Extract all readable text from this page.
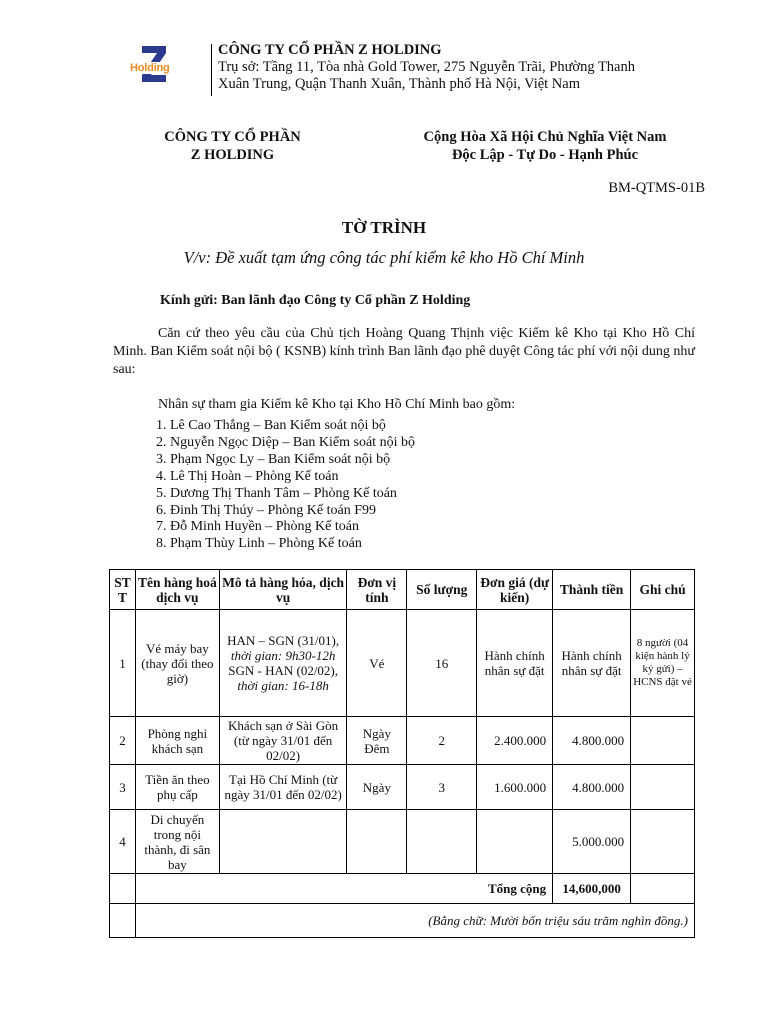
Holding
CÔNG TY CỔ PHẦN Z HOLDING
Trụ sở: Tầng 11, Tòa nhà Gold Tower, 275 Nguyễn Trãi, Phường Thanh
Xuân Trung, Quận Thanh Xuân, Thành phố Hà Nội, Việt Nam
CÔNG TY CỔ PHẦN
Z HOLDING
Cộng Hòa Xã Hội Chủ Nghĩa Việt Nam
Độc Lập - Tự Do - Hạnh Phúc
BM-QTMS-01B
TỜ TRÌNH
V/v: Đề xuất tạm ứng công tác phí kiểm kê kho Hồ Chí Minh
Kính gửi: Ban lãnh đạo Công ty Cổ phần Z Holding
Căn cứ theo yêu cầu của Chủ tịch Hoàng Quang Thịnh việc Kiểm kê Kho tại Kho Hồ Chí Minh. Ban Kiểm soát nội bộ ( KSNB) kính trình Ban lãnh đạo phê duyệt Công tác phí với nội dung như sau:
Nhân sự tham gia Kiểm kê Kho tại Kho Hồ Chí Minh bao gồm:
1. Lê Cao Thắng – Ban Kiểm soát nội bộ
2. Nguyễn Ngọc Diệp – Ban Kiểm soát nội bộ
3. Phạm Ngọc Ly – Ban Kiểm soát nội bộ
4. Lê Thị Hoàn – Phòng Kế toán
5. Dương Thị Thanh Tâm – Phòng Kế toán
6. Đinh Thị Thúy – Phòng Kế toán F99
7. Đỗ Minh Huyền – Phòng Kế toán
8. Phạm Thùy Linh – Phòng Kế toán
ST T	Tên hàng hoá dịch vụ	Mô tả hàng hóa, dịch vụ	Đơn vị tính	Số lượng	Đơn giá (dự kiến)	Thành tiền	Ghi chú
1	Vé máy bay (thay đổi theo giờ)	HAN – SGN (31/01), thời gian: 9h30-12h
SGN - HAN (02/02), thời gian: 16-18h	Vé	16	Hành chính nhân sự đặt	Hành chính nhân sự đặt	8 người (04 kiện hành lý ký gửi) – HCNS đặt vé
2	Phòng nghỉ khách sạn	Khách sạn ở Sài Gòn (từ ngày 31/01 đến 02/02)	Ngày Đêm	2	2.400.000	4.800.000	
3	Tiền ăn theo phụ cấp	Tại Hồ Chí Minh (từ ngày 31/01 đến 02/02)	Ngày	3	1.600.000	4.800.000	
4	Di chuyển trong nội thành, đi sân bay					5.000.000	
	Tổng cộng					14,600,000	
	(Bằng chữ: Mười bốn triệu sáu trăm nghìn đồng.)						
